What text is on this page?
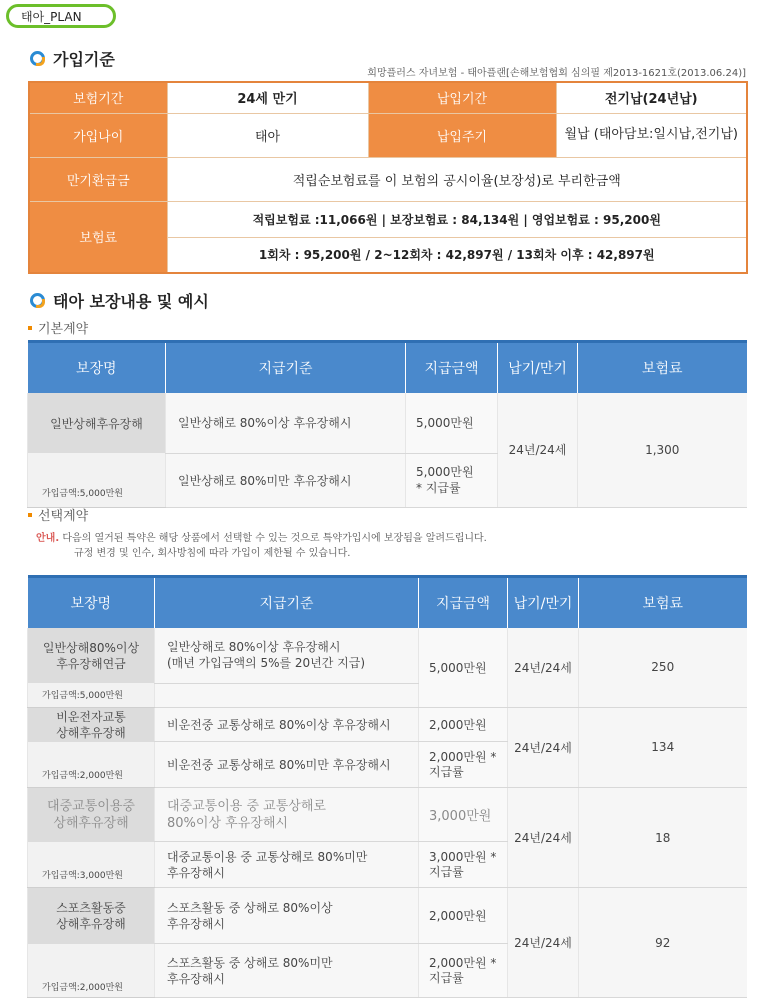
태아_PLAN
가입기준
희망플러스 자녀보험 - 태아플랜[손해보험협회 심의필 제2013-1621호(2013.06.24)]
보험기간	24세 만기	납입기간	전기납(24년납)
가입나이	태아	납입주기	월납 (태아담보:일시납,전기납)
만기환급금	적립순보험료를 이 보험의 공시이율(보장성)로 부리한금액		
보험료	적립보험료 :11,066원 | 보장보험료 : 84,134원 | 영업보험료 : 95,200원		
	1회차 : 95,200원 / 2~12회차 : 42,897원 / 13회차 이후 : 42,897원		
태아 보장내용 및 예시
기본계약
보장명	지급기준	지급금액	납기/만기	보험료
일반상해후유장해	일반상해로 80%이상 후유장해시	5,000만원	24년/24세	1,300
가입금액:5,000만원	일반상해로 80%미만 후유장해시	5,000만원
* 지급률		

선택계약
안내. 다음의 열거된 특약은 해당 상품에서 선택할 수 있는 것으로 특약가입시에 보장됨을 알려드립니다.
규정 변경 및 인수, 회사방침에 따라 가입이 제한될 수 있습니다.
보장명	지급기준	지급금액	납기/만기	보험료
일반상해80%이상
후유장해연금	일반상해로 80%이상 후유장해시
(매년 가입금액의 5%를 20년간 지급)	5,000만원	24년/24세	250
가입금액:5,000만원				
비운전자교통
상해후유장해	비운전중 교통상해로 80%이상 후유장해시	2,000만원	24년/24세	134
가입금액:2,000만원	비운전중 교통상해로 80%미만 후유장해시	2,000만원 *
지급률		
대중교통이용중
상해후유장해	대중교통이용 중 교통상해로
80%이상 후유장해시	3,000만원	24년/24세	18
가입금액:3,000만원	대중교통이용 중 교통상해로 80%미만
후유장해시	3,000만원 *
지급률		
스포츠활동중
상해후유장해	스포츠활동 중 상해로 80%이상
후유장해시	2,000만원	24년/24세	92
가입금액:2,000만원	스포츠활동 중 상해로 80%미만
후유장해시	2,000만원 *
지급률		
